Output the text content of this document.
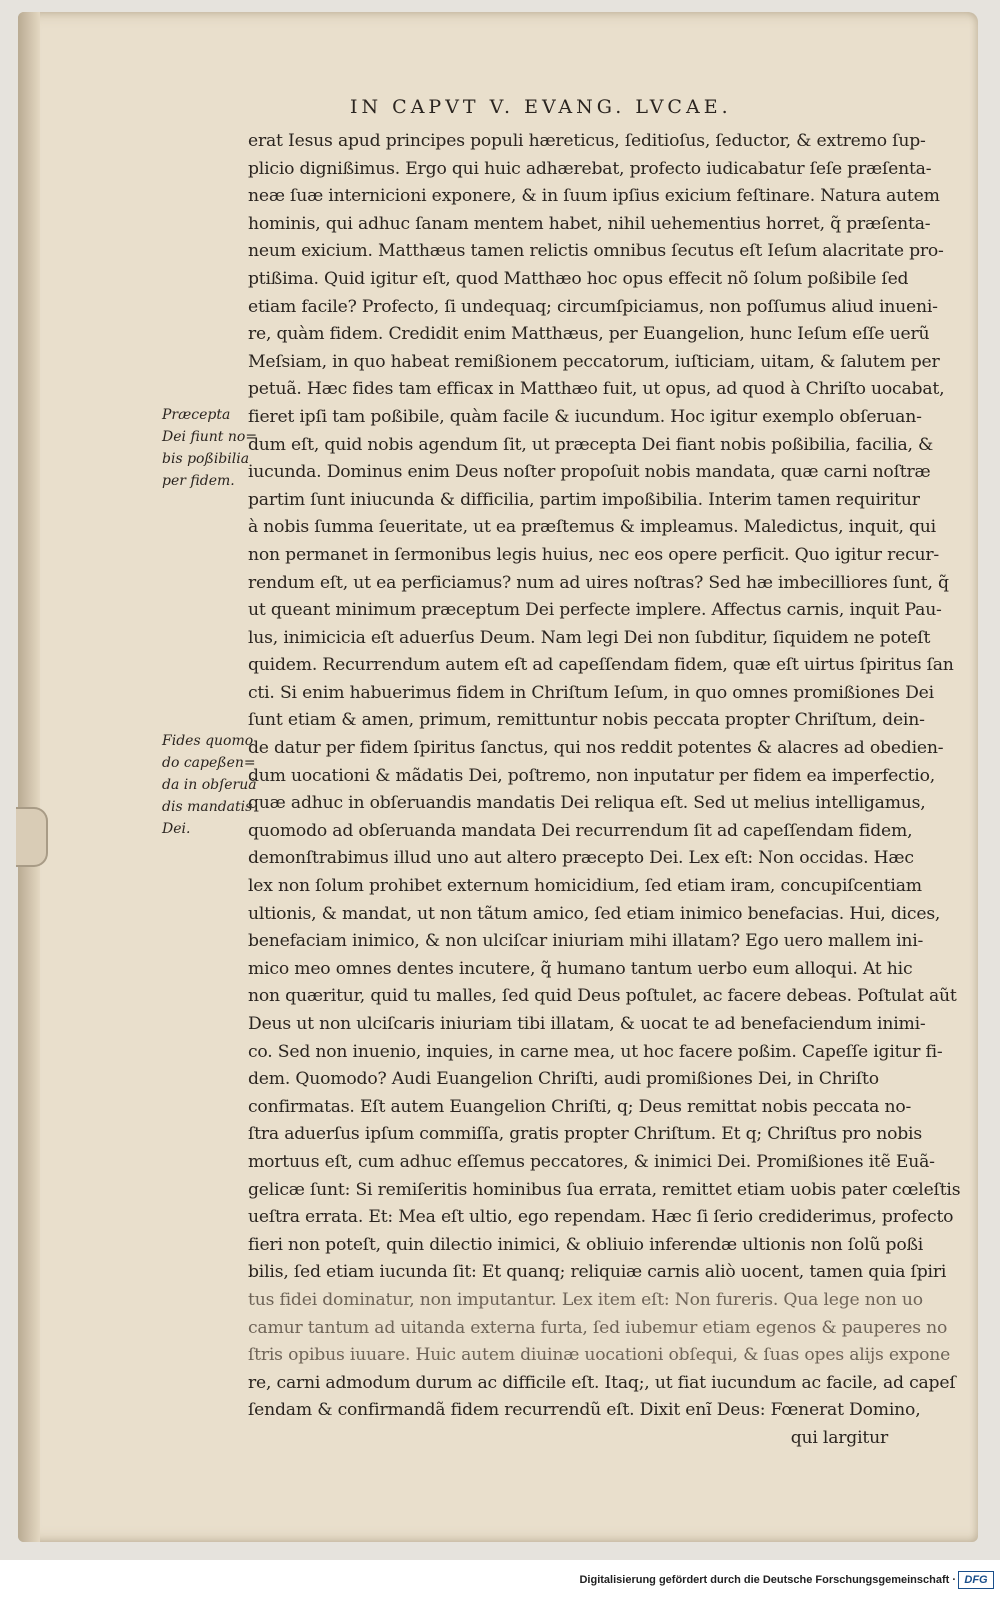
IN CAPVT V. EVANG. LVCAE.
Præcepta
Dei fiunt no=
bis poßibilia
per fidem.
Fides quomo
do capeßen=
da in obſeruã
dis mandatis
Dei.
erat Iesus apud principes populi hæreticus, ſeditioſus, ſeductor, & extremo ſup-
plicio dignißimus. Ergo qui huic adhærebat, profecto iudicabatur ſeſe præſenta-
neæ ſuæ internicioni exponere, & in ſuum ipſius exicium feſtinare. Natura autem
hominis, qui adhuc ſanam mentem habet, nihil uehementius horret, q̃ præſenta-
neum exicium. Matthæus tamen relictis omnibus ſecutus eſt Ieſum alacritate pro-
ptißima. Quid igitur eſt, quod Matthæo hoc opus effecit nõ ſolum poßibile ſed
etiam facile? Profecto, ſi undequaq; circumſpiciamus, non poſſumus aliud inueni-
re, quàm fidem. Credidit enim Matthæus, per Euangelion, hunc Ieſum eſſe uerũ
Meſsiam, in quo habeat remißionem peccatorum, iuſticiam, uitam, & ſalutem per
petuã. Hæc fides tam efficax in Matthæo fuit, ut opus, ad quod à Chriſto uocabat,
fieret ipſi tam poßibile, quàm facile & iucundum. Hoc igitur exemplo obſeruan-
dum eſt, quid nobis agendum ſit, ut præcepta Dei fiant nobis poßibilia, facilia, &
iucunda. Dominus enim Deus noſter propoſuit nobis mandata, quæ carni noſtræ
partim ſunt iniucunda & difficilia, partim impoßibilia. Interim tamen requiritur
à nobis ſumma ſeueritate, ut ea præſtemus & impleamus. Maledictus, inquit, qui
non permanet in ſermonibus legis huius, nec eos opere perficit. Quo igitur recur-
rendum eſt, ut ea perficiamus? num ad uires noſtras? Sed hæ imbecilliores ſunt, q̃
ut queant minimum præceptum Dei perfecte implere. Affectus carnis, inquit Pau-
lus, inimicicia eſt aduerſus Deum. Nam legi Dei non ſubditur, ſiquidem ne poteſt
quidem. Recurrendum autem eſt ad capeſſendam fidem, quæ eſt uirtus ſpiritus ſan
cti. Si enim habuerimus fidem in Chriſtum Ieſum, in quo omnes promißiones Dei
ſunt etiam & amen, primum, remittuntur nobis peccata propter Chriſtum, dein-
de datur per fidem ſpiritus ſanctus, qui nos reddit potentes & alacres ad obedien-
dum uocationi & mãdatis Dei, poſtremo, non inputatur per fidem ea imperfectio,
quæ adhuc in obſeruandis mandatis Dei reliqua eſt. Sed ut melius intelligamus,
quomodo ad obſeruanda mandata Dei recurrendum ſit ad capeſſendam fidem,
demonſtrabimus illud uno aut altero præcepto Dei. Lex eſt: Non occidas. Hæc
lex non ſolum prohibet externum homicidium, ſed etiam iram, concupiſcentiam
ultionis, & mandat, ut non tãtum amico, ſed etiam inimico benefacias. Hui, dices,
benefaciam inimico, & non ulciſcar iniuriam mihi illatam? Ego uero mallem ini-
mico meo omnes dentes incutere, q̃ humano tantum uerbo eum alloqui. At hic
non quæritur, quid tu malles, ſed quid Deus poſtulet, ac facere debeas. Poſtulat aũt
Deus ut non ulciſcaris iniuriam tibi illatam, & uocat te ad benefaciendum inimi-
co. Sed non inuenio, inquies, in carne mea, ut hoc facere poßim. Capeſſe igitur fi-
dem. Quomodo? Audi Euangelion Chriſti, audi promißiones Dei, in Chriſto
confirmatas. Eſt autem Euangelion Chriſti, q; Deus remittat nobis peccata no-
ſtra aduerſus ipſum commiſſa, gratis propter Chriſtum. Et q; Chriſtus pro nobis
mortuus eſt, cum adhuc eſſemus peccatores, & inimici Dei. Promißiones itẽ Euã-
gelicæ ſunt: Si remiſeritis hominibus ſua errata, remittet etiam uobis pater cœleſtis
ueſtra errata. Et: Mea eſt ultio, ego rependam. Hæc ſi ſerio crediderimus, profecto
fieri non poteſt, quin dilectio inimici, & obliuio inferendæ ultionis non ſolũ poßi
bilis, ſed etiam iucunda ſit: Et quanq; reliquiæ carnis aliò uocent, tamen quia ſpiri
tus fidei dominatur, non imputantur. Lex item eſt: Non fureris. Qua lege non uo
camur tantum ad uitanda externa furta, ſed iubemur etiam egenos & pauperes no
ſtris opibus iuuare. Huic autem diuinæ uocationi obſequi, & ſuas opes alijs expone
re, carni admodum durum ac difficile eſt. Itaq;, ut fiat iucundum ac facile, ad capeſ
ſendam & confirmandã fidem recurrendũ eſt. Dixit enĩ Deus: Fœnerat Domino,
qui largitur
Digitalisierung gefördert durch die Deutsche Forschungsgemeinschaft · DFG
